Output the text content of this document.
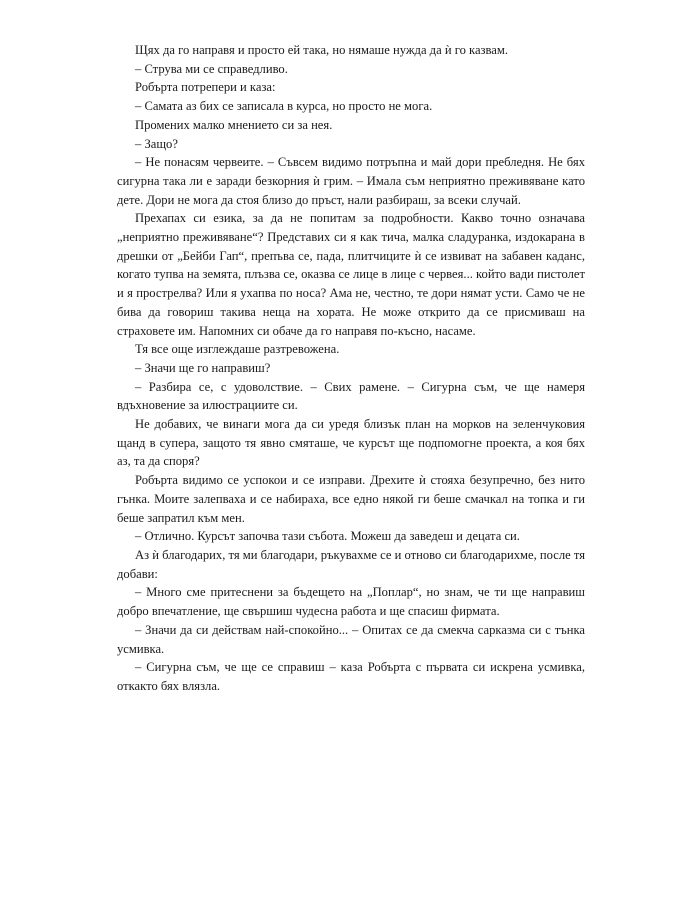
Щях да го направя и просто ей така, но нямаше нужда да ѝ го казвам.

– Струва ми се справедливо.

Робърта потрепери и каза:

– Самата аз бих се записала в курса, но просто не мога.

Промених малко мнението си за нея.

– Защо?

– Не понасям червеите. – Съвсем видимо потръпна и май дори пребледня. Не бях сигурна така ли е заради безкорния ѝ грим. – Имала съм неприятно преживяване като дете. Дори не мога да стоя близо до пръст, нали разбираш, за всеки случай.

Прехапах си езика, за да не попитам за подробности. Какво точно означава „неприятно преживяване“? Представих си я как тича, малка сладуранка, издокарана в дрешки от „Бейби Гап“, препъва се, пада, плитчиците ѝ се извиват на забавен каданс, когато тупва на земята, плъзва се, оказва се лице в лице с червея... който вади пистолет и я прострелва? Или я ухапва по носа? Ама не, честно, те дори нямат усти. Само че не бива да говориш такива неща на хората. Не може открито да се присмиваш на страховете им. Напомних си обаче да го направя по-късно, насаме.

Тя все още изглеждаше разтревожена.

– Значи ще го направиш?

– Разбира се, с удоволствие. – Свих рамене. – Сигурна съм, че ще намеря вдъхновение за илюстрациите си.

Не добавих, че винаги мога да си уредя близък план на морков на зеленчуковия щанд в супера, защото тя явно смяташе, че курсът ще подпомогне проекта, а коя бях аз, та да споря?

Робърта видимо се успокои и се изправи. Дрехите ѝ стояха безупречно, без нито гънка. Моите залепваха и се набираха, все едно някой ги беше смачкал на топка и ги беше запратил към мен.

– Отлично. Курсът започва тази събота. Можеш да заведеш и децата си.

Аз ѝ благодарих, тя ми благодари, ръкувахме се и отново си благодарихме, после тя добави:

– Много сме притеснени за бъдещето на „Поплар“, но знам, че ти ще направиш добро впечатление, ще свършиш чудесна работа и ще спасиш фирмата.

– Значи да си действам най-спокойно... – Опитах се да смекча сарказма си с тънка усмивка.

– Сигурна съм, че ще се справиш – каза Робърта с първата си искрена усмивка, откакто бях влязла.
